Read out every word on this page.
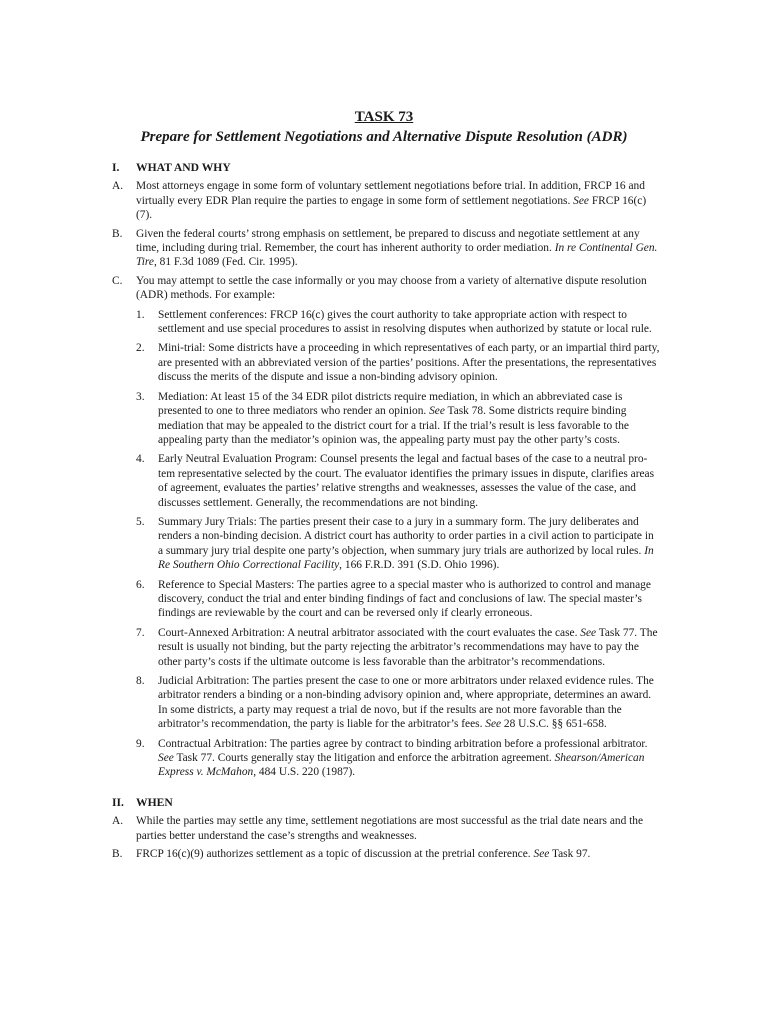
TASK 73
Prepare for Settlement Negotiations and Alternative Dispute Resolution (ADR)
I.	WHAT AND WHY
A.	Most attorneys engage in some form of voluntary settlement negotiations before trial. In addition, FRCP 16 and virtually every EDR Plan require the parties to engage in some form of settlement negotiations. See FRCP 16(c)(7).
B.	Given the federal courts’ strong emphasis on settlement, be prepared to discuss and negotiate settlement at any time, including during trial. Remember, the court has inherent authority to order mediation. In re Continental Gen. Tire, 81 F.3d 1089 (Fed. Cir. 1995).
C.	You may attempt to settle the case informally or you may choose from a variety of alternative dispute resolution (ADR) methods. For example:
1.	Settlement conferences: FRCP 16(c) gives the court authority to take appropriate action with respect to settlement and use special procedures to assist in resolving disputes when authorized by statute or local rule.
2.	Mini-trial: Some districts have a proceeding in which representatives of each party, or an impartial third party, are presented with an abbreviated version of the parties’ positions. After the presentations, the representatives discuss the merits of the dispute and issue a non-binding advisory opinion.
3.	Mediation: At least 15 of the 34 EDR pilot districts require mediation, in which an abbreviated case is presented to one to three mediators who render an opinion. See Task 78. Some districts require binding mediation that may be appealed to the district court for a trial. If the trial’s result is less favorable to the appealing party than the mediator’s opinion was, the appealing party must pay the other party’s costs.
4.	Early Neutral Evaluation Program: Counsel presents the legal and factual bases of the case to a neutral pro-tem representative selected by the court. The evaluator identifies the primary issues in dispute, clarifies areas of agreement, evaluates the parties’ relative strengths and weaknesses, assesses the value of the case, and discusses settlement. Generally, the recommendations are not binding.
5.	Summary Jury Trials: The parties present their case to a jury in a summary form. The jury deliberates and renders a non-binding decision. A district court has authority to order parties in a civil action to participate in a summary jury trial despite one party’s objection, when summary jury trials are authorized by local rules. In Re Southern Ohio Correctional Facility, 166 F.R.D. 391 (S.D. Ohio 1996).
6.	Reference to Special Masters: The parties agree to a special master who is authorized to control and manage discovery, conduct the trial and enter binding findings of fact and conclusions of law. The special master’s findings are reviewable by the court and can be reversed only if clearly erroneous.
7.	Court-Annexed Arbitration: A neutral arbitrator associated with the court evaluates the case. See Task 77. The result is usually not binding, but the party rejecting the arbitrator’s recommendations may have to pay the other party’s costs if the ultimate outcome is less favorable than the arbitrator’s recommendations.
8.	Judicial Arbitration: The parties present the case to one or more arbitrators under relaxed evidence rules. The arbitrator renders a binding or a non-binding advisory opinion and, where appropriate, determines an award. In some districts, a party may request a trial de novo, but if the results are not more favorable than the arbitrator’s recommendation, the party is liable for the arbitrator’s fees. See 28 U.S.C. §§ 651-658.
9.	Contractual Arbitration: The parties agree by contract to binding arbitration before a professional arbitrator. See Task 77. Courts generally stay the litigation and enforce the arbitration agreement. Shearson/American Express v. McMahon, 484 U.S. 220 (1987).
II.	WHEN
A.	While the parties may settle any time, settlement negotiations are most successful as the trial date nears and the parties better understand the case’s strengths and weaknesses.
B.	FRCP 16(c)(9) authorizes settlement as a topic of discussion at the pretrial conference. See Task 97.
